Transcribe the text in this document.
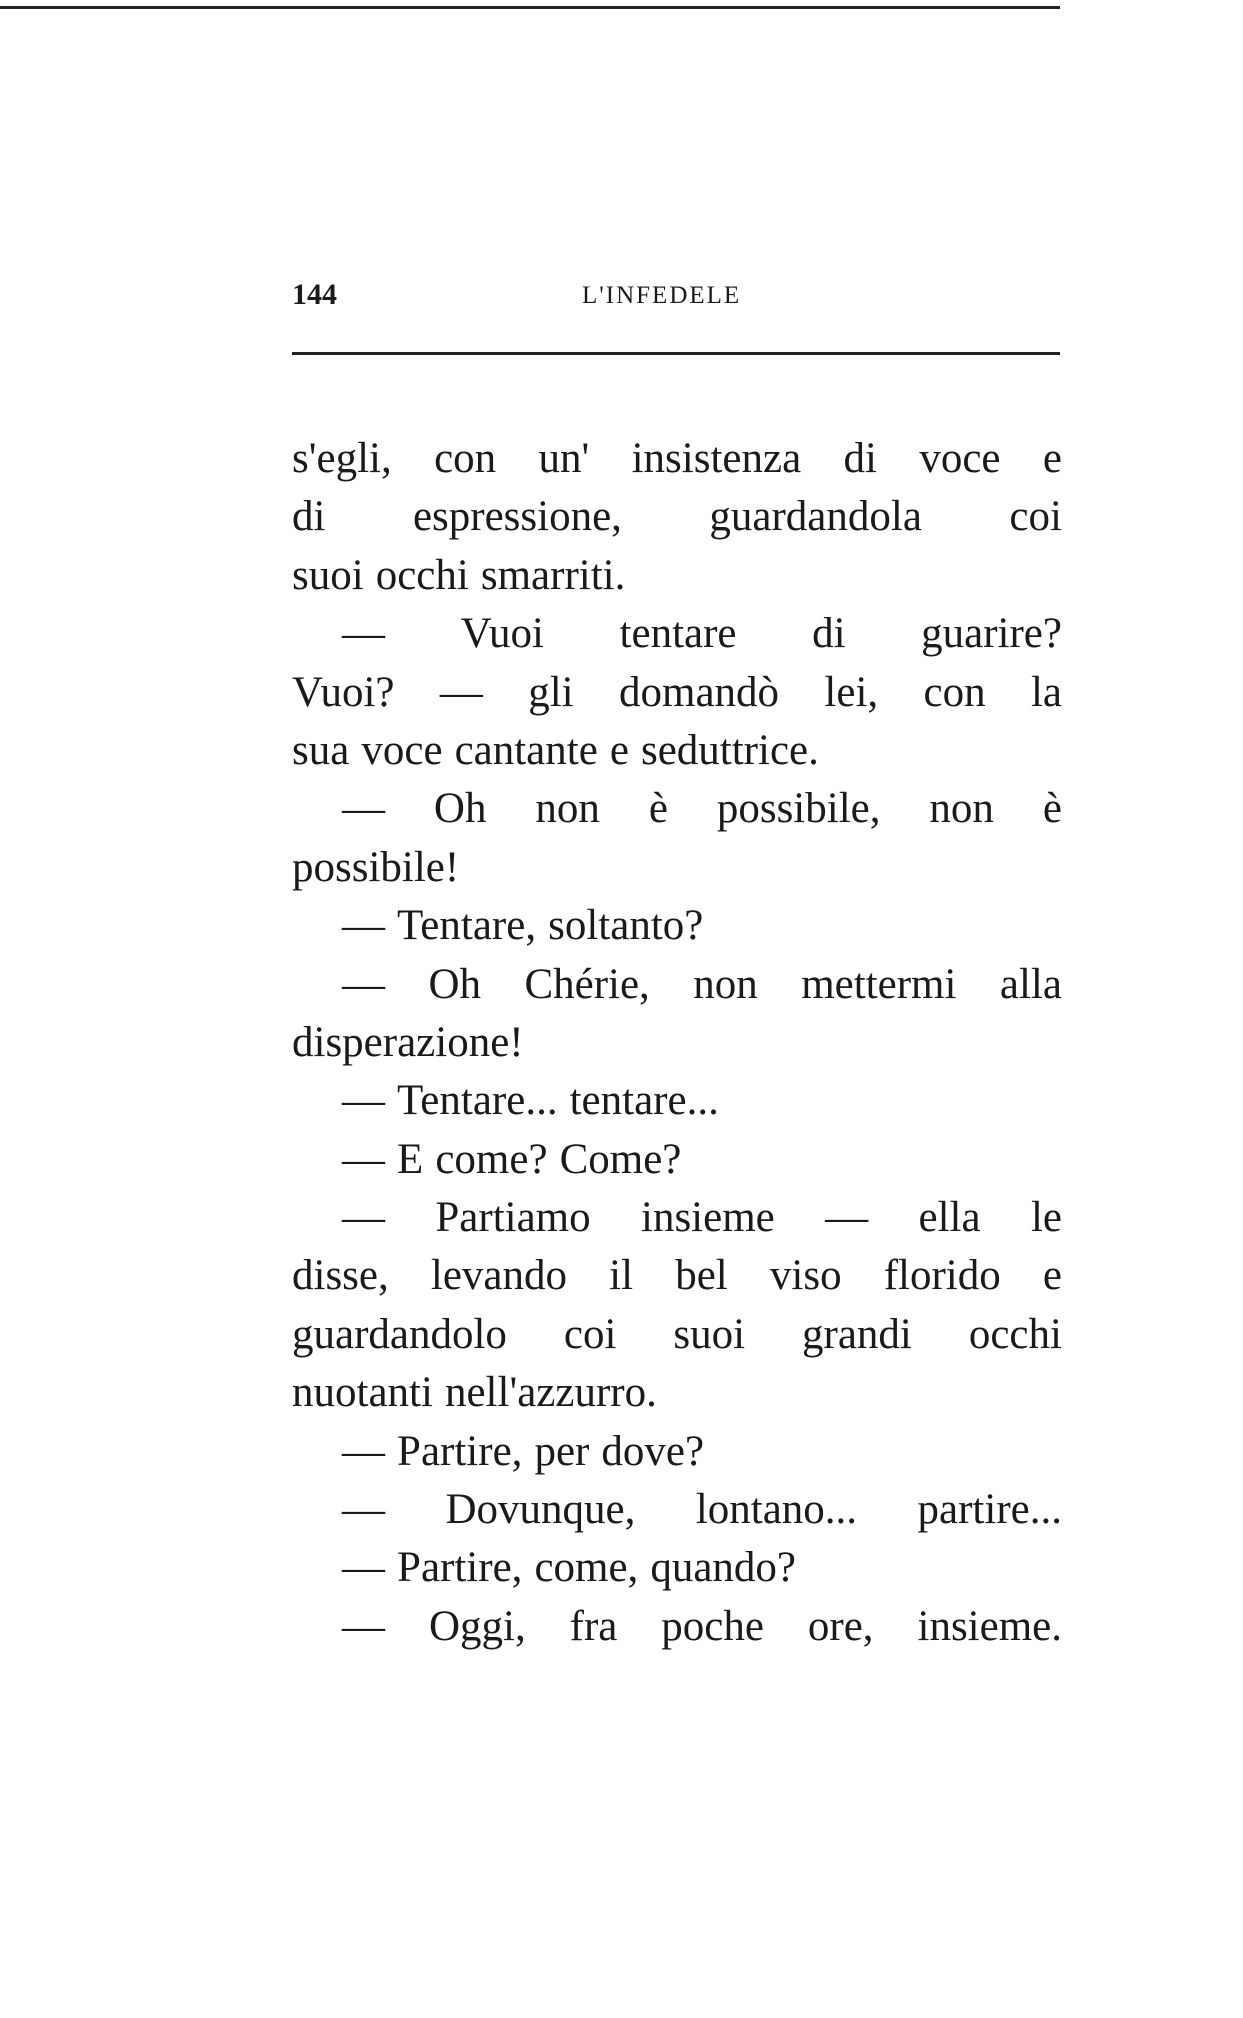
144	L'INFEDELE
s'egli, con un' insistenza di voce e
di espressione, guardandola coi
suoi occhi smarriti.
— Vuoi tentare di guarire?
Vuoi? — gli domandò lei, con la
sua voce cantante e seduttrice.
— Oh non è possibile, non è
possibile!
— Tentare, soltanto?
— Oh Chérie, non mettermi alla
disperazione!
— Tentare... tentare...
— E come? Come?
— Partiamo insieme — ella le
disse, levando il bel viso florido e
guardandolo coi suoi grandi occhi
nuotanti nell'azzurro.
— Partire, per dove?
— Dovunque, lontano... partire...
— Partire, come, quando?
— Oggi, fra poche ore, insieme.
